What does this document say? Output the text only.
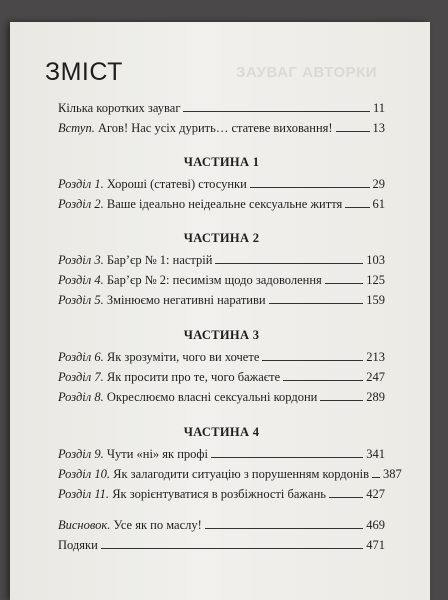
ЗАУВАГ АВТОРКИ
ЗМІСТ
Кілька коротких зауваг	11
Вступ. Агов! Нас усіх дурить… статеве виховання!	13
ЧАСТИНА 1
Розділ 1. Хороші (статеві) стосунки	29
Розділ 2. Ваше ідеально неідеальне сексуальне життя 61
ЧАСТИНА 2
Розділ 3. Бар’єр № 1: настрій	103
Розділ 4. Бар’єр № 2: песимізм щодо задоволення	125
Розділ 5. Змінюємо негативні наративи	159
ЧАСТИНА 3
Розділ 6. Як зрозуміти, чого ви хочете	213
Розділ 7. Як просити про те, чого бажаєте	247
Розділ 8. Окреслюємо власні сексуальні кордони	289
ЧАСТИНА 4
Розділ 9. Чути «ні» як профі	341
Розділ 10. Як залагодити ситуацію з порушенням кордонів 387
Розділ 11. Як зорієнтуватися в розбіжності бажань	427
Висновок. Усе як по маслу!	469
Подяки	471
